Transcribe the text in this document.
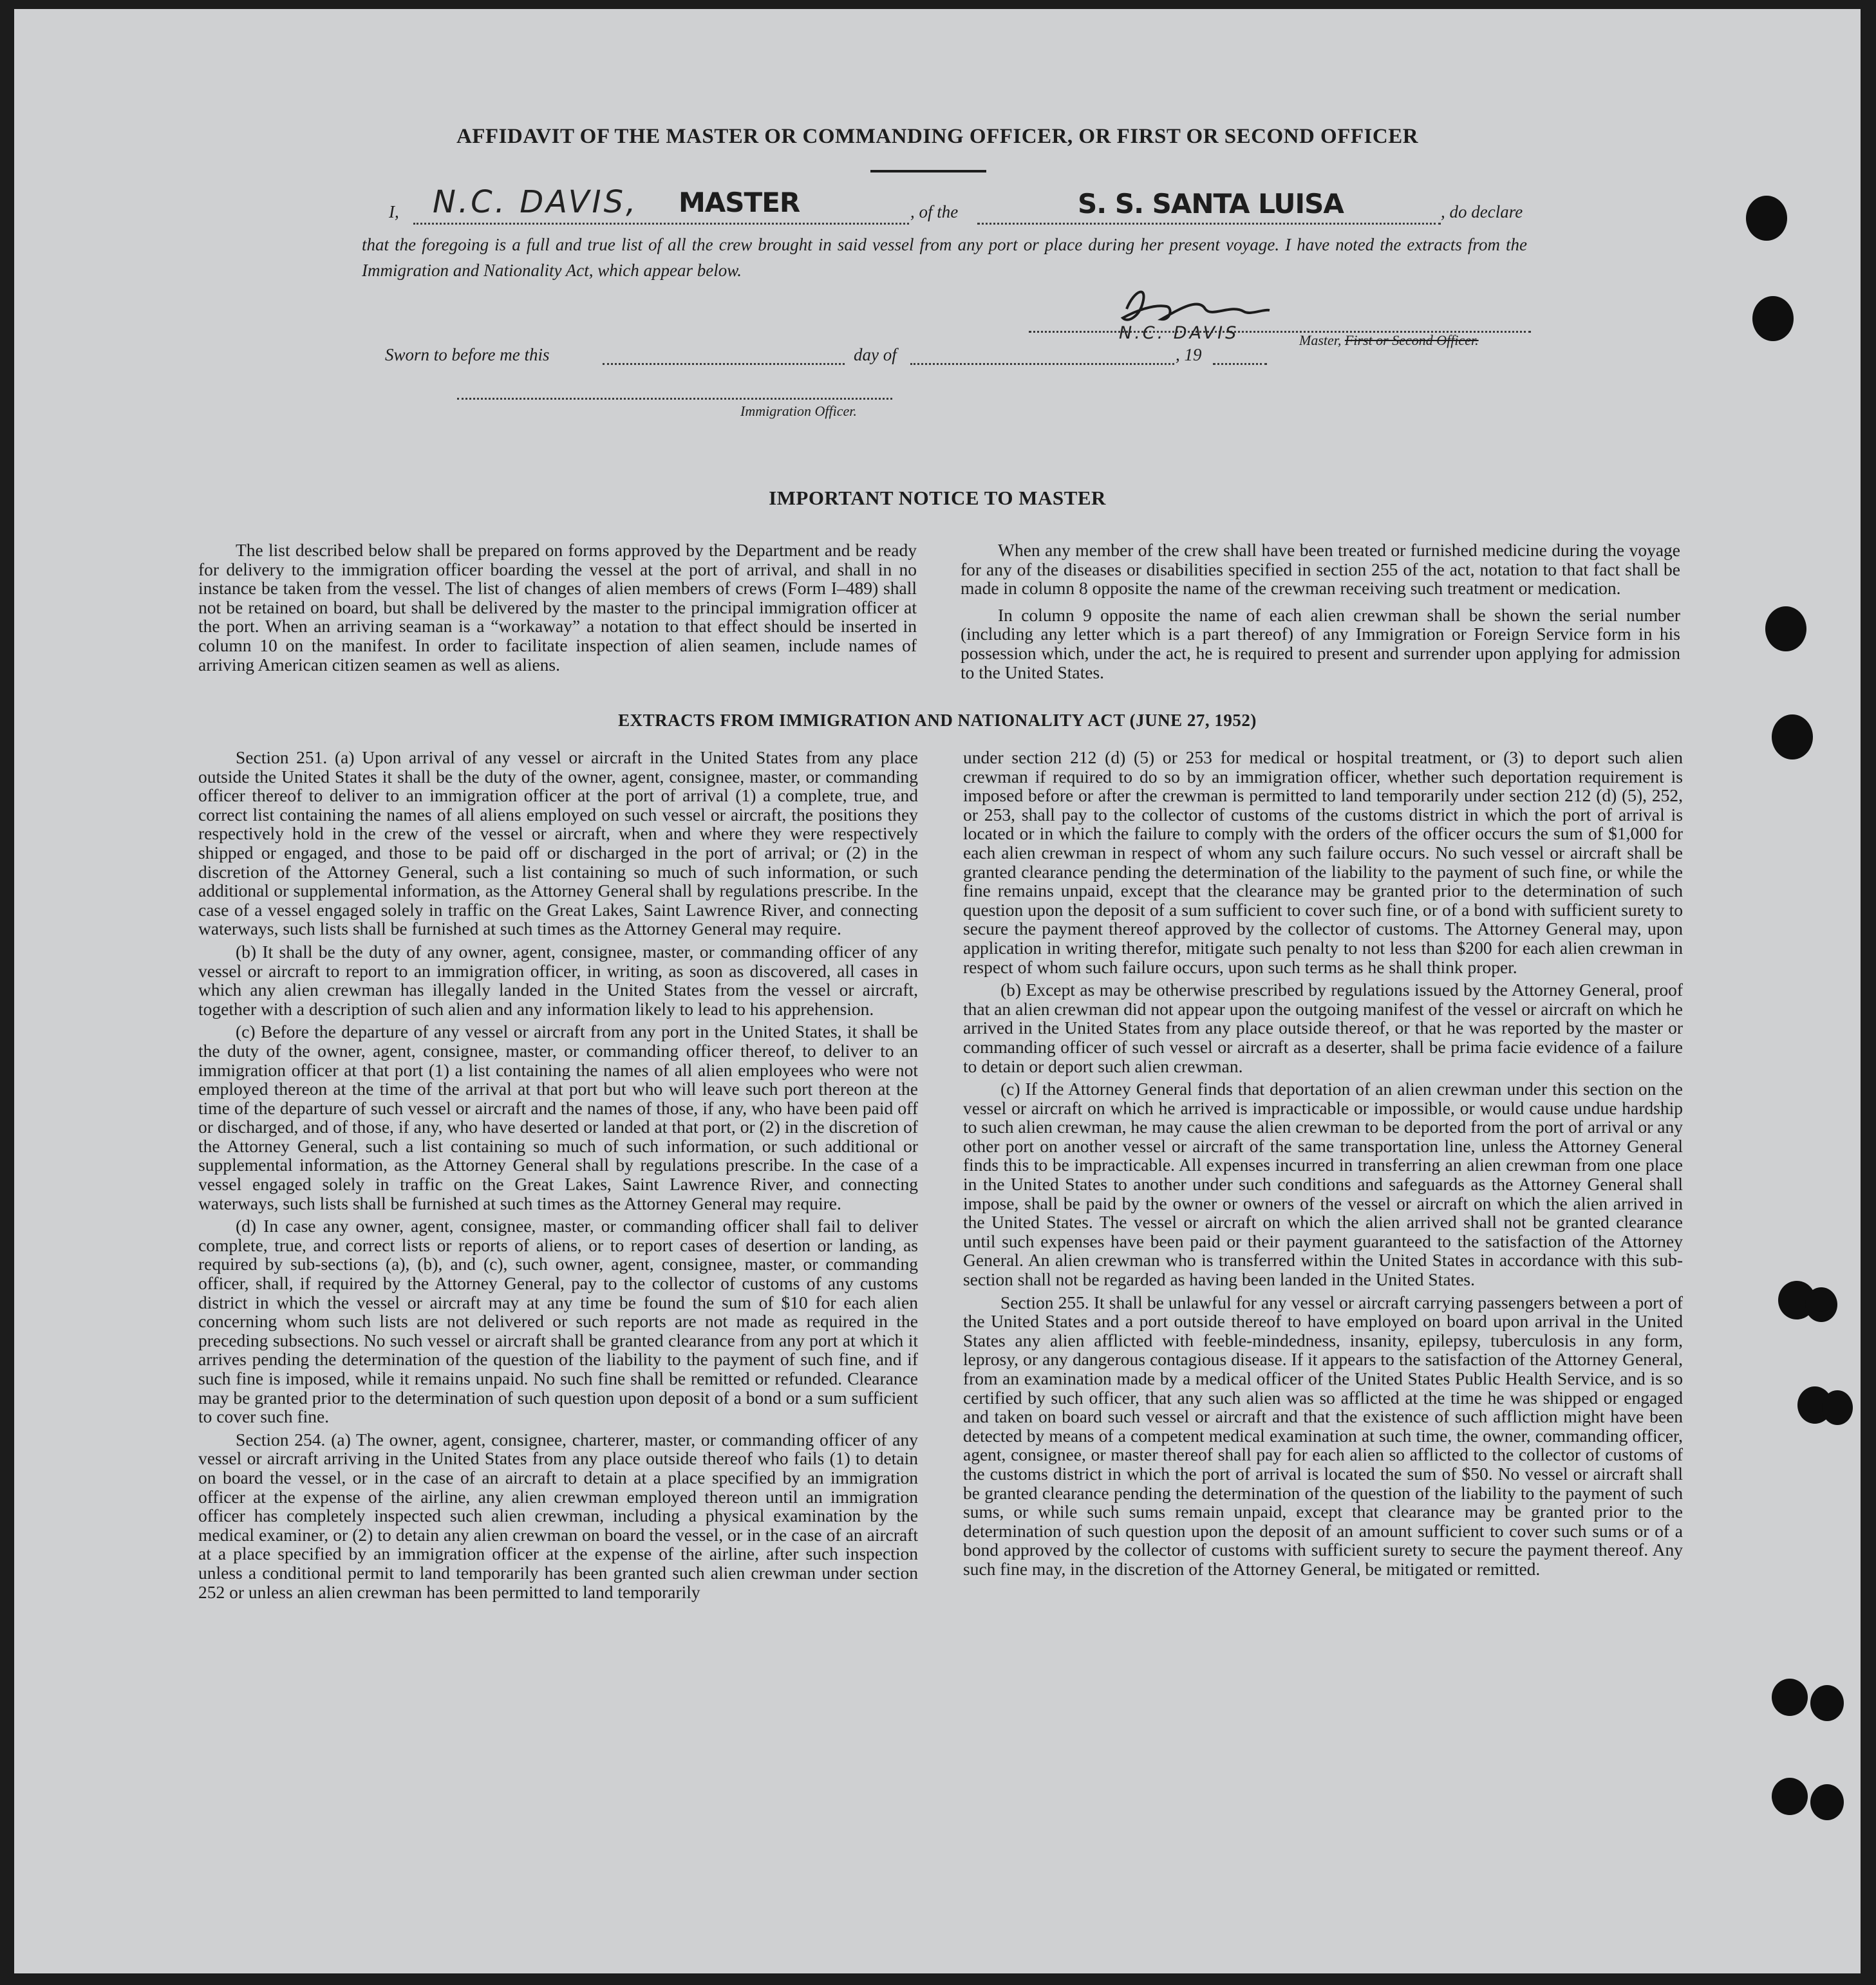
AFFIDAVIT OF THE MASTER OR COMMANDING OFFICER, OR FIRST OR SECOND OFFICER
I, N.C. DAVIS, MASTER	, of the	S. S. SANTA LUISA	, do declare
that the foregoing is a full and true list of all the crew brought in said vessel from any port or place during her present voyage. I have noted the extracts from the Immigration and Nationality Act, which appear below.
N.C. DAVIS	Master, First or Second Officer.
Sworn to before me this	day of	, 19
Immigration Officer.
IMPORTANT NOTICE TO MASTER

The list described below shall be prepared on forms approved by the Department and be ready for delivery to the immigration officer boarding the vessel at the port of arrival, and shall in no instance be taken from the vessel. The list of changes of alien members of crews (Form I–489) shall not be retained on board, but shall be delivered by the master to the principal immigration officer at the port. When an arriving seaman is a “workaway” a notation to that effect should be inserted in column 10 on the manifest. In order to facilitate inspection of alien seamen, include names of arriving American citizen seamen as well as aliens.

When any member of the crew shall have been treated or furnished medicine during the voyage for any of the diseases or disabilities specified in section 255 of the act, notation to that fact shall be made in column 8 opposite the name of the crewman receiving such treatment or medication.

In column 9 opposite the name of each alien crewman shall be shown the serial number (including any letter which is a part thereof) of any Immigration or Foreign Service form in his possession which, under the act, he is required to present and surrender upon applying for admission to the United States.

EXTRACTS FROM IMMIGRATION AND NATIONALITY ACT (JUNE 27, 1952)

Section 251. (a) Upon arrival of any vessel or aircraft in the United States from any place outside the United States it shall be the duty of the owner, agent, consignee, master, or commanding officer thereof to deliver to an immigration officer at the port of arrival (1) a complete, true, and correct list containing the names of all aliens employed on such vessel or aircraft, the positions they respectively hold in the crew of the vessel or aircraft, when and where they were respectively shipped or engaged, and those to be paid off or discharged in the port of arrival; or (2) in the discretion of the Attorney General, such a list containing so much of such information, or such additional or supplemental information, as the Attorney General shall by regulations prescribe. In the case of a vessel engaged solely in traffic on the Great Lakes, Saint Lawrence River, and connecting waterways, such lists shall be furnished at such times as the Attorney General may require.

(b) It shall be the duty of any owner, agent, consignee, master, or commanding officer of any vessel or aircraft to report to an immigration officer, in writing, as soon as discovered, all cases in which any alien crewman has illegally landed in the United States from the vessel or aircraft, together with a description of such alien and any information likely to lead to his apprehension.

(c) Before the departure of any vessel or aircraft from any port in the United States, it shall be the duty of the owner, agent, consignee, master, or commanding officer thereof, to deliver to an immigration officer at that port (1) a list containing the names of all alien employees who were not employed thereon at the time of the arrival at that port but who will leave such port thereon at the time of the departure of such vessel or aircraft and the names of those, if any, who have been paid off or discharged, and of those, if any, who have deserted or landed at that port, or (2) in the discretion of the Attorney General, such a list containing so much of such information, or such additional or supplemental information, as the Attorney General shall by regulations prescribe. In the case of a vessel engaged solely in traffic on the Great Lakes, Saint Lawrence River, and connecting waterways, such lists shall be furnished at such times as the Attorney General may require.

(d) In case any owner, agent, consignee, master, or commanding officer shall fail to deliver complete, true, and correct lists or reports of aliens, or to report cases of desertion or landing, as required by sub-sections (a), (b), and (c), such owner, agent, consignee, master, or commanding officer, shall, if required by the Attorney General, pay to the collector of customs of any customs district in which the vessel or aircraft may at any time be found the sum of $10 for each alien concerning whom such lists are not delivered or such reports are not made as required in the preceding subsections. No such vessel or aircraft shall be granted clearance from any port at which it arrives pending the determination of the question of the liability to the payment of such fine, and if such fine is imposed, while it remains unpaid. No such fine shall be remitted or refunded. Clearance may be granted prior to the determination of such question upon deposit of a bond or a sum sufficient to cover such fine.

Section 254. (a) The owner, agent, consignee, charterer, master, or commanding officer of any vessel or aircraft arriving in the United States from any place outside thereof who fails (1) to detain on board the vessel, or in the case of an aircraft to detain at a place specified by an immigration officer at the expense of the airline, any alien crewman employed thereon until an immigration officer has completely inspected such alien crewman, including a physical examination by the medical examiner, or (2) to detain any alien crewman on board the vessel, or in the case of an aircraft at a place specified by an immigration officer at the expense of the airline, after such inspection unless a conditional permit to land temporarily has been granted such alien crewman under section 252 or unless an alien crewman has been permitted to land temporarily

under section 212 (d) (5) or 253 for medical or hospital treatment, or (3) to deport such alien crewman if required to do so by an immigration officer, whether such deportation requirement is imposed before or after the crewman is permitted to land temporarily under section 212 (d) (5), 252, or 253, shall pay to the collector of customs of the customs district in which the port of arrival is located or in which the failure to comply with the orders of the officer occurs the sum of $1,000 for each alien crewman in respect of whom any such failure occurs. No such vessel or aircraft shall be granted clearance pending the determination of the liability to the payment of such fine, or while the fine remains unpaid, except that the clearance may be granted prior to the determination of such question upon the deposit of a sum sufficient to cover such fine, or of a bond with sufficient surety to secure the payment thereof approved by the collector of customs. The Attorney General may, upon application in writing therefor, mitigate such penalty to not less than $200 for each alien crewman in respect of whom such failure occurs, upon such terms as he shall think proper.

(b) Except as may be otherwise prescribed by regulations issued by the Attorney General, proof that an alien crewman did not appear upon the outgoing manifest of the vessel or aircraft on which he arrived in the United States from any place outside thereof, or that he was reported by the master or commanding officer of such vessel or aircraft as a deserter, shall be prima facie evidence of a failure to detain or deport such alien crewman.

(c) If the Attorney General finds that deportation of an alien crewman under this section on the vessel or aircraft on which he arrived is impracticable or impossible, or would cause undue hardship to such alien crewman, he may cause the alien crewman to be deported from the port of arrival or any other port on another vessel or aircraft of the same transportation line, unless the Attorney General finds this to be impracticable. All expenses incurred in transferring an alien crewman from one place in the United States to another under such conditions and safeguards as the Attorney General shall impose, shall be paid by the owner or owners of the vessel or aircraft on which the alien arrived in the United States. The vessel or aircraft on which the alien arrived shall not be granted clearance until such expenses have been paid or their payment guaranteed to the satisfaction of the Attorney General. An alien crewman who is transferred within the United States in accordance with this sub-section shall not be regarded as having been landed in the United States.

Section 255. It shall be unlawful for any vessel or aircraft carrying passengers between a port of the United States and a port outside thereof to have employed on board upon arrival in the United States any alien afflicted with feeble-mindedness, insanity, epilepsy, tuberculosis in any form, leprosy, or any dangerous contagious disease. If it appears to the satisfaction of the Attorney General, from an examination made by a medical officer of the United States Public Health Service, and is so certified by such officer, that any such alien was so afflicted at the time he was shipped or engaged and taken on board such vessel or aircraft and that the existence of such affliction might have been detected by means of a competent medical examination at such time, the owner, commanding officer, agent, consignee, or master thereof shall pay for each alien so afflicted to the collector of customs of the customs district in which the port of arrival is located the sum of $50. No vessel or aircraft shall be granted clearance pending the determination of the question of the liability to the payment of such sums, or while such sums remain unpaid, except that clearance may be granted prior to the determination of such question upon the deposit of an amount sufficient to cover such sums or of a bond approved by the collector of customs with sufficient surety to secure the payment thereof. Any such fine may, in the discretion of the Attorney General, be mitigated or remitted.
